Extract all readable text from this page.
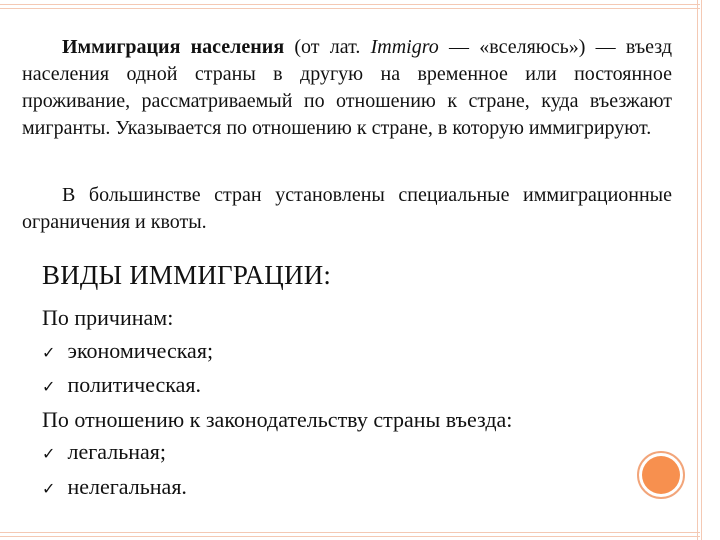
Иммиграция населения (от лат. Immigro — «вселяюсь») — въезд населения одной страны в другую на временное или постоянное проживание, рассматриваемый по отношению к стране, куда въезжают мигранты. Указывается по отношению к стране, в которую иммигрируют.

В большинстве стран установлены специальные иммиграционные ограничения и квоты.

ВИДЫ ИММИГРАЦИИ:
По причинам:
✓ экономическая;
✓ политическая.
По отношению к законодательству страны въезда:
✓ легальная;
✓ нелегальная.
